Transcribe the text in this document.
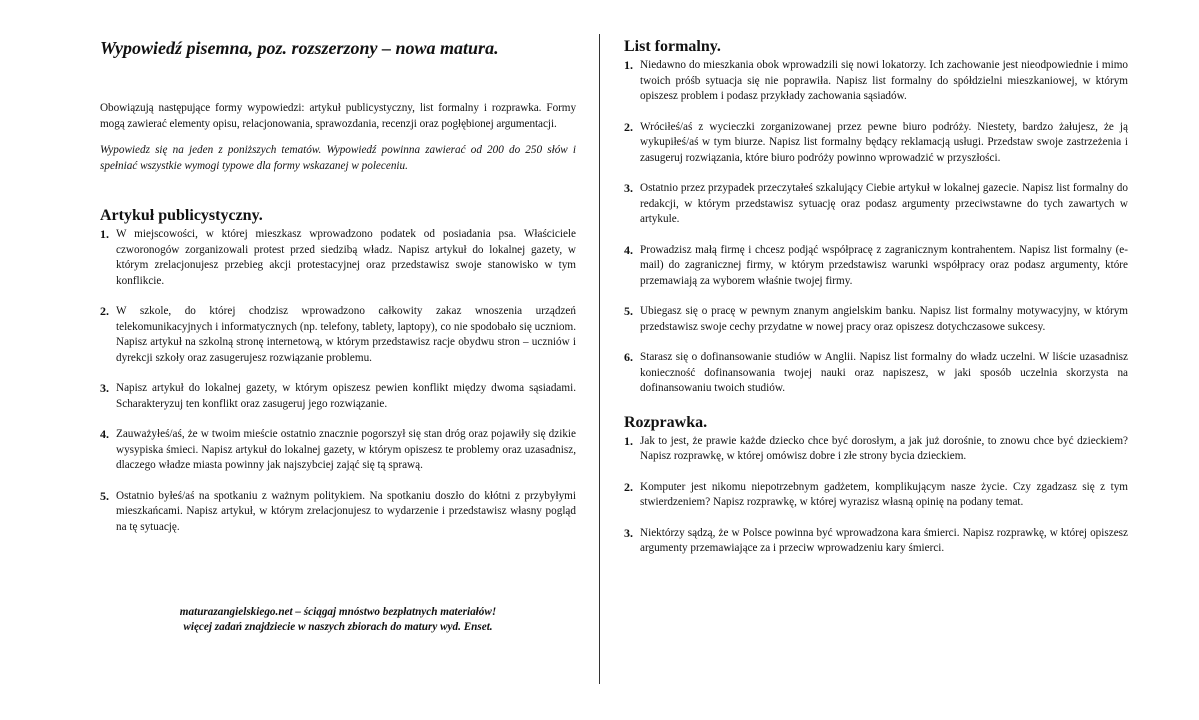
Wypowiedź pisemna, poz. rozszerzony – nowa matura.

Obowiązują następujące formy wypowiedzi: artykuł publicystyczny, list formalny i rozprawka. Formy mogą zawierać elementy opisu, relacjonowania, sprawozdania, recenzji oraz pogłębionej argumentacji.

Wypowiedz się na jeden z poniższych tematów. Wypowiedź powinna zawierać od 200 do 250 słów i spełniać wszystkie wymogi typowe dla formy wskazanej w poleceniu.

Artykuł publicystyczny.
1. W miejscowości, w której mieszkasz wprowadzono podatek od posiadania psa. Właściciele czworonogów zorganizowali protest przed siedzibą władz. Napisz artykuł do lokalnej gazety, w którym zrelacjonujesz przebieg akcji protestacyjnej oraz przedstawisz swoje stanowisko w tym konflikcie.
2. W szkole, do której chodzisz wprowadzono całkowity zakaz wnoszenia urządzeń telekomunikacyjnych i informatycznych (np. telefony, tablety, laptopy), co nie spodobało się uczniom. Napisz artykuł na szkolną stronę internetową, w którym przedstawisz racje obydwu stron – uczniów i dyrekcji szkoły oraz zasugerujesz rozwiązanie problemu.
3. Napisz artykuł do lokalnej gazety, w którym opiszesz pewien konflikt między dwoma sąsiadami. Scharakteryzuj ten konflikt oraz zasugeruj jego rozwiązanie.
4. Zauważyłeś/aś, że w twoim mieście ostatnio znacznie pogorszył się stan dróg oraz pojawiły się dzikie wysypiska śmieci. Napisz artykuł do lokalnej gazety, w którym opiszesz te problemy oraz uzasadnisz, dlaczego władze miasta powinny jak najszybciej zająć się tą sprawą.
5. Ostatnio byłeś/aś na spotkaniu z ważnym politykiem. Na spotkaniu doszło do kłótni z przybyłymi mieszkańcami. Napisz artykuł, w którym zrelacjonujesz to wydarzenie i przedstawisz własny pogląd na tę sytuację.
maturazangielskiego.net – ściągaj mnóstwo bezpłatnych materiałów!
więcej zadań znajdziecie w naszych zbiorach do matury wyd. Enset.
List formalny.
1. Niedawno do mieszkania obok wprowadzili się nowi lokatorzy. Ich zachowanie jest nieodpowiednie i mimo twoich próśb sytuacja się nie poprawiła. Napisz list formalny do spółdzielni mieszkaniowej, w którym opiszesz problem i podasz przykłady zachowania sąsiadów.
2. Wróciłeś/aś z wycieczki zorganizowanej przez pewne biuro podróży. Niestety, bardzo żałujesz, że ją wykupiłeś/aś w tym biurze. Napisz list formalny będący reklamacją usługi. Przedstaw swoje zastrzeżenia i zasugeruj rozwiązania, które biuro podróży powinno wprowadzić w przyszłości.
3. Ostatnio przez przypadek przeczytałeś szkalujący Ciebie artykuł w lokalnej gazecie. Napisz list formalny do redakcji, w którym przedstawisz sytuację oraz podasz argumenty przeciwstawne do tych zawartych w artykule.
4. Prowadzisz małą firmę i chcesz podjąć współpracę z zagranicznym kontrahentem. Napisz list formalny (e-mail) do zagranicznej firmy, w którym przedstawisz warunki współpracy oraz podasz argumenty, które przemawiają za wyborem właśnie twojej firmy.
5. Ubiegasz się o pracę w pewnym znanym angielskim banku. Napisz list formalny motywacyjny, w którym przedstawisz swoje cechy przydatne w nowej pracy oraz opiszesz dotychczasowe sukcesy.
6. Starasz się o dofinansowanie studiów w Anglii. Napisz list formalny do władz uczelni. W liście uzasadnisz konieczność dofinansowania twojej nauki oraz napiszesz, w jaki sposób uczelnia skorzysta na dofinansowaniu twoich studiów.
Rozprawka.
1. Jak to jest, że prawie każde dziecko chce być dorosłym, a jak już dorośnie, to znowu chce być dzieckiem? Napisz rozprawkę, w której omówisz dobre i złe strony bycia dzieckiem.
2. Komputer jest nikomu niepotrzebnym gadżetem, komplikującym nasze życie. Czy zgadzasz się z tym stwierdzeniem? Napisz rozprawkę, w której wyrazisz własną opinię na podany temat.
3. Niektórzy sądzą, że w Polsce powinna być wprowadzona kara śmierci. Napisz rozprawkę, w której opiszesz argumenty przemawiające za i przeciw wprowadzeniu kary śmierci.
